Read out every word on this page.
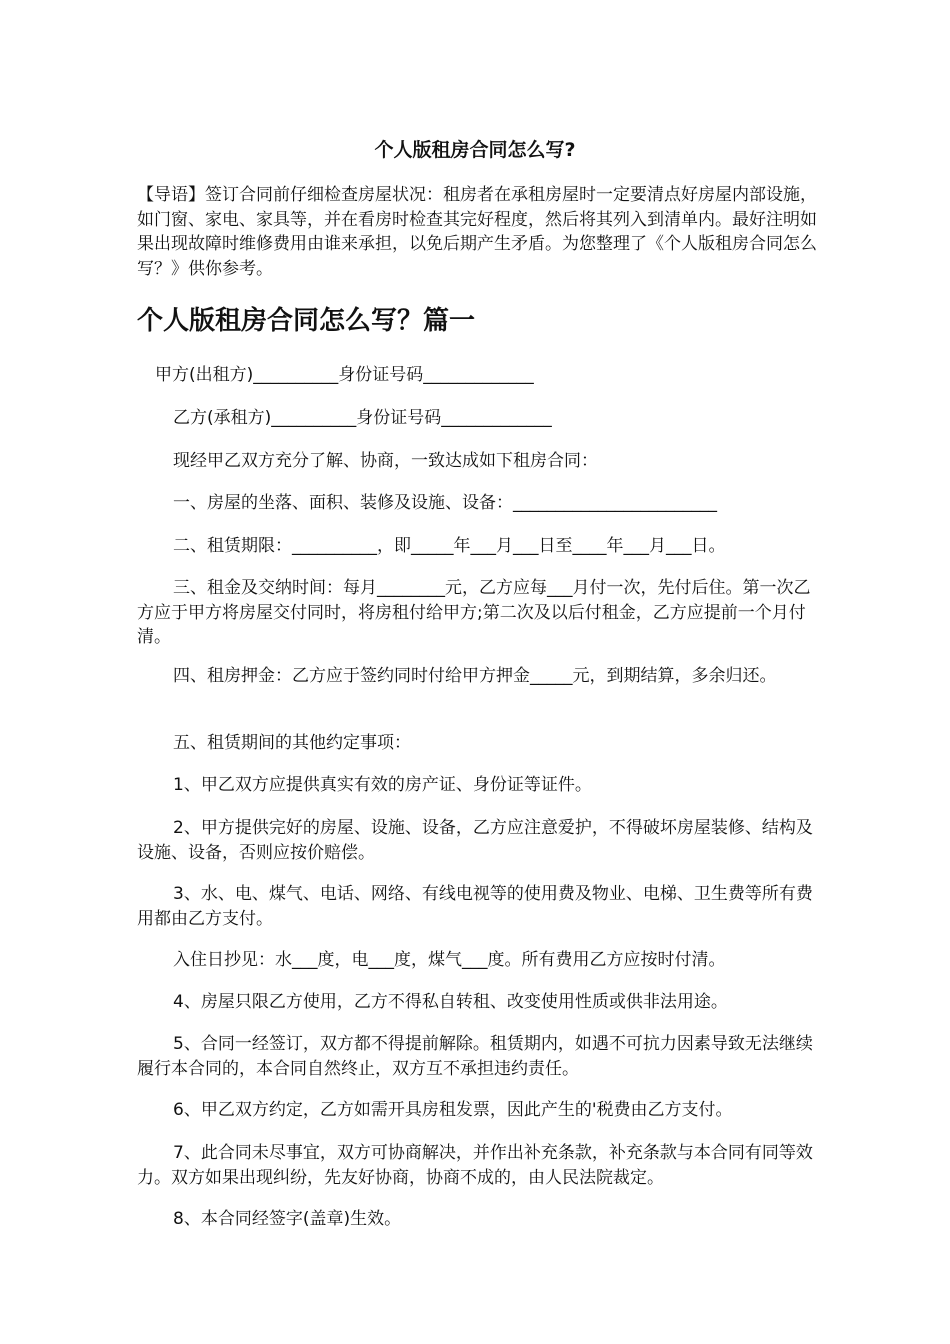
个人版租房合同怎么写?

【导语】签订合同前仔细检查房屋状况：租房者在承租房屋时一定要清点好房屋内部设施，如门窗、家电、家具等，并在看房时检查其完好程度，然后将其列入到清单内。最好注明如果出现故障时维修费用由谁来承担，以免后期产生矛盾。为您整理了《个人版租房合同怎么写？》供你参考。

个人版租房合同怎么写？篇一

甲方(出租方)__________身份证号码_____________

乙方(承租方)__________身份证号码_____________

现经甲乙双方充分了解、协商，一致达成如下租房合同：

一、房屋的坐落、面积、装修及设施、设备：________________________

二、租赁期限：__________，即_____年___月___日至____年___月___日。

三、租金及交纳时间：每月________元，乙方应每___月付一次，先付后住。第一次乙方应于甲方将房屋交付同时，将房租付给甲方;第二次及以后付租金，乙方应提前一个月付清。

四、租房押金：乙方应于签约同时付给甲方押金_____元，到期结算，多余归还。

五、租赁期间的其他约定事项：

1、甲乙双方应提供真实有效的房产证、身份证等证件。

2、甲方提供完好的房屋、设施、设备，乙方应注意爱护，不得破坏房屋装修、结构及设施、设备，否则应按价赔偿。

3、水、电、煤气、电话、网络、有线电视等的使用费及物业、电梯、卫生费等所有费用都由乙方支付。

入住日抄见：水___度，电___度，煤气___度。所有费用乙方应按时付清。

4、房屋只限乙方使用，乙方不得私自转租、改变使用性质或供非法用途。

5、合同一经签订，双方都不得提前解除。租赁期内，如遇不可抗力因素导致无法继续履行本合同的，本合同自然终止，双方互不承担违约责任。

6、甲乙双方约定，乙方如需开具房租发票，因此产生的'税费由乙方支付。

7、此合同未尽事宜，双方可协商解决，并作出补充条款，补充条款与本合同有同等效力。双方如果出现纠纷，先友好协商，协商不成的，由人民法院裁定。

8、本合同经签字(盖章)生效。
